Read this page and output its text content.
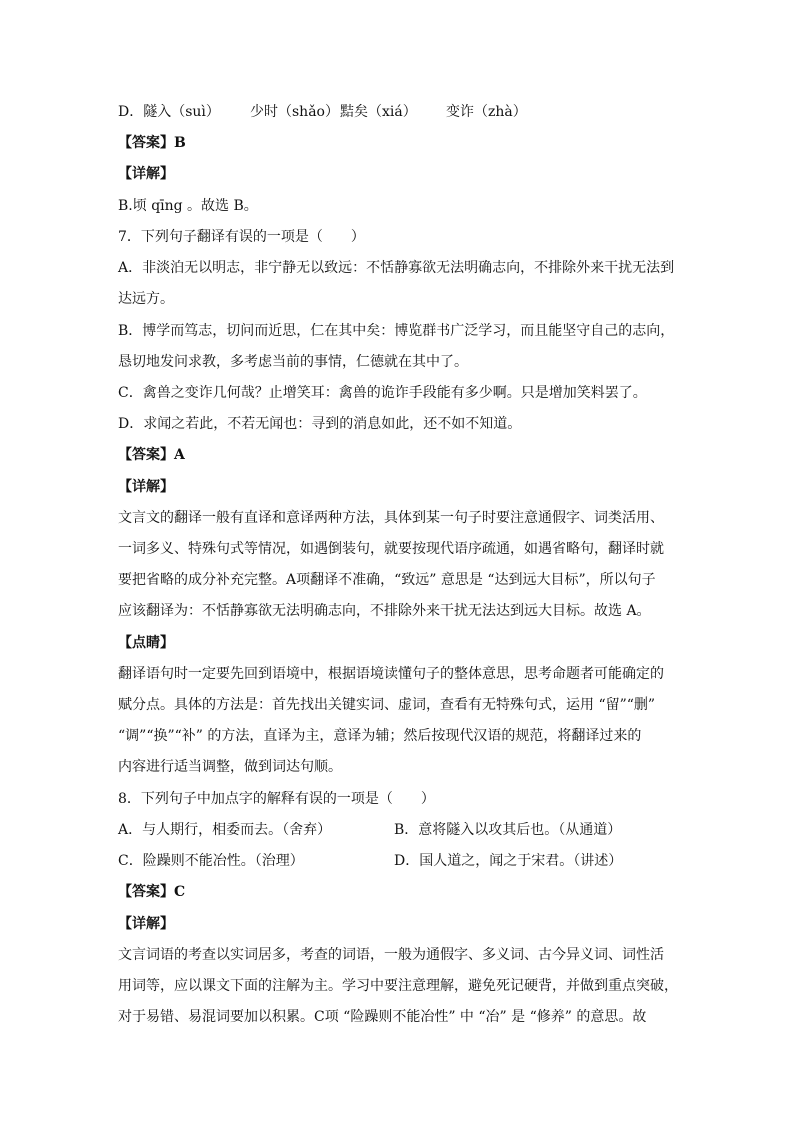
D．隧入（suì） 少时（shǎo） 黠矣（xiá） 变诈（zhà）
【答案】B
【详解】
B.顷 qīng 。故选 B。
7．下列句子翻译有误的一项是（　　）
A．非淡泊无以明志，非宁静无以致远：不恬静寡欲无法明确志向，不排除外来干扰无法到
达远方。
B．博学而笃志，切问而近思，仁在其中矣：博览群书广泛学习，而且能坚守自己的志向，
恳切地发问求教，多考虑当前的事情，仁德就在其中了。
C．禽兽之变诈几何哉？止增笑耳：禽兽的诡诈手段能有多少啊。只是增加笑料罢了。
D．求闻之若此，不若无闻也：寻到的消息如此，还不如不知道。
【答案】A
【详解】
文言文的翻译一般有直译和意译两种方法，具体到某一句子时要注意通假字、词类活用、
一词多义、特殊句式等情况，如遇倒装句，就要按现代语序疏通，如遇省略句，翻译时就
要把省略的成分补充完整。A项翻译不准确，“致远” 意思是 “达到远大目标”，所以句子
应该翻译为：不恬静寡欲无法明确志向，不排除外来干扰无法达到远大目标。故选 A。
【点睛】
翻译语句时一定要先回到语境中，根据语境读懂句子的整体意思，思考命题者可能确定的
赋分点。具体的方法是：首先找出关键实词、虚词，查看有无特殊句式，运用 “留”“删”
“调”“换”“补” 的方法，直译为主，意译为辅；然后按现代汉语的规范，将翻译过来的
内容进行适当调整，做到词达句顺。
8．下列句子中加点字的解释有误的一项是（　　）
A．与人期行，相委而去。（舍弃）	B．意将隧入以攻其后也。（从通道）
C．险躁则不能冶性。（治理）	D．国人道之，闻之于宋君。（讲述）
【答案】C
【详解】
文言词语的考查以实词居多，考查的词语，一般为通假字、多义词、古今异义词、词性活
用词等，应以课文下面的注解为主。学习中要注意理解，避免死记硬背，并做到重点突破，
对于易错、易混词要加以积累。C项 “险躁则不能冶性” 中 “冶” 是 “修养” 的意思。故
